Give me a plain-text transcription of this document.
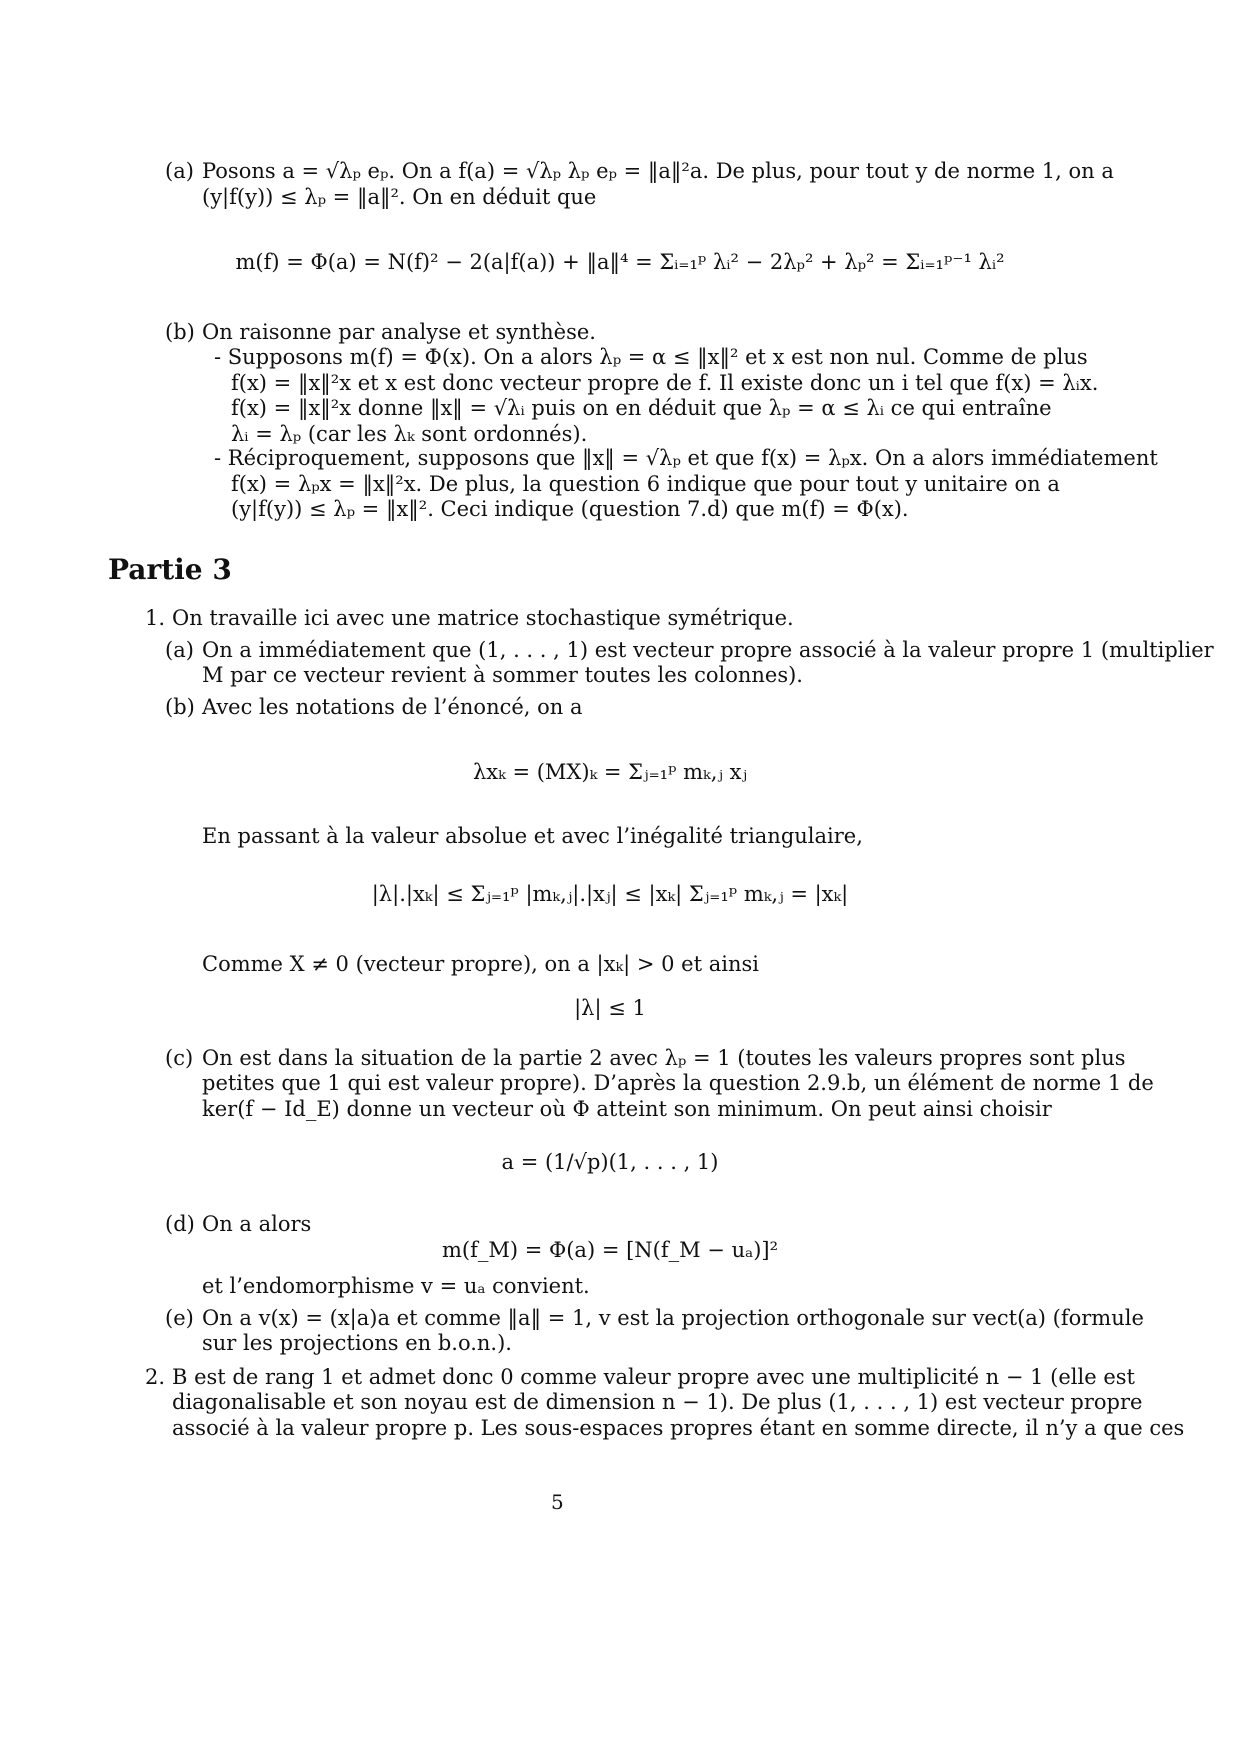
(a) Posons a = √λₚ eₚ. On a f(a) = √λₚ λₚ eₚ = ‖a‖²a. De plus, pour tout y de norme 1, on a
(y|f(y)) ≤ λₚ = ‖a‖². On en déduit que
m(f) = Φ(a) = N(f)² − 2(a|f(a)) + ‖a‖⁴ = Σᵢ₌₁ᵖ λᵢ² − 2λₚ² + λₚ² = Σᵢ₌₁ᵖ⁻¹ λᵢ²
(b) On raisonne par analyse et synthèse.
- Supposons m(f) = Φ(x). On a alors λₚ = α ≤ ‖x‖² et x est non nul. Comme de plus
f(x) = ‖x‖²x et x est donc vecteur propre de f. Il existe donc un i tel que f(x) = λᵢx.
f(x) = ‖x‖²x donne ‖x‖ = √λᵢ puis on en déduit que λₚ = α ≤ λᵢ ce qui entraîne
λᵢ = λₚ (car les λₖ sont ordonnés).
- Réciproquement, supposons que ‖x‖ = √λₚ et que f(x) = λₚx. On a alors immédiatement
f(x) = λₚx = ‖x‖²x. De plus, la question 6 indique que pour tout y unitaire on a
(y|f(y)) ≤ λₚ = ‖x‖². Ceci indique (question 7.d) que m(f) = Φ(x).
Partie 3
1. On travaille ici avec une matrice stochastique symétrique.
(a) On a immédiatement que (1, . . . , 1) est vecteur propre associé à la valeur propre 1 (multiplier
M par ce vecteur revient à sommer toutes les colonnes).
(b) Avec les notations de l’énoncé, on a
λxₖ = (MX)ₖ = Σⱼ₌₁ᵖ mₖ,ⱼ xⱼ
En passant à la valeur absolue et avec l’inégalité triangulaire,
|λ|.|xₖ| ≤ Σⱼ₌₁ᵖ |mₖ,ⱼ|.|xⱼ| ≤ |xₖ| Σⱼ₌₁ᵖ mₖ,ⱼ = |xₖ|
Comme X ≠ 0 (vecteur propre), on a |xₖ| > 0 et ainsi
|λ| ≤ 1
(c) On est dans la situation de la partie 2 avec λₚ = 1 (toutes les valeurs propres sont plus
petites que 1 qui est valeur propre). D’après la question 2.9.b, un élément de norme 1 de
ker(f − Id_E) donne un vecteur où Φ atteint son minimum. On peut ainsi choisir
a = (1/√p)(1, . . . , 1)
(d) On a alors
m(f_M) = Φ(a) = [N(f_M − uₐ)]²
et l’endomorphisme v = uₐ convient.
(e) On a v(x) = (x|a)a et comme ‖a‖ = 1, v est la projection orthogonale sur vect(a) (formule
sur les projections en b.o.n.).
2. B est de rang 1 et admet donc 0 comme valeur propre avec une multiplicité n − 1 (elle est
diagonalisable et son noyau est de dimension n − 1). De plus (1, . . . , 1) est vecteur propre
associé à la valeur propre p. Les sous-espaces propres étant en somme directe, il n’y a que ces
5
